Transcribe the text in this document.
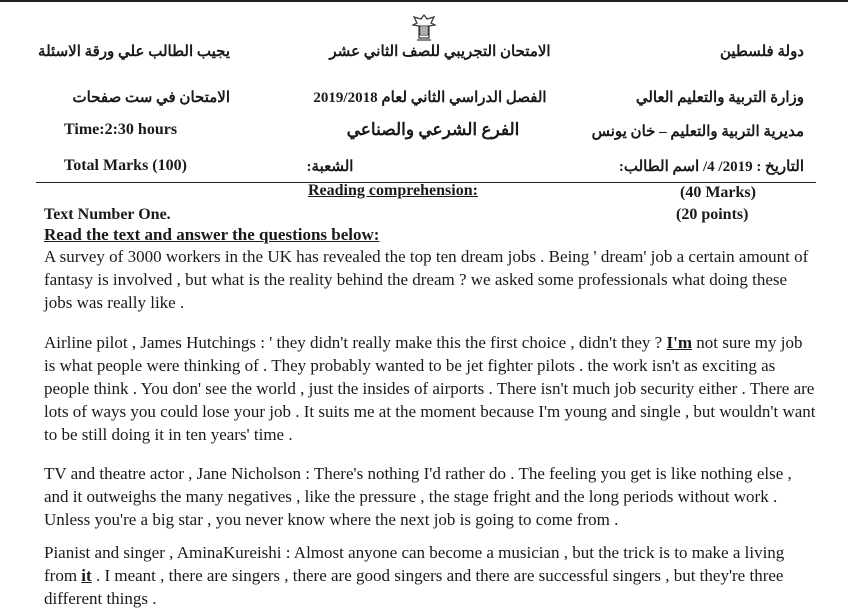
دولة فلسطين
وزارة التربية والتعليم العالي
مديرية التربية والتعليم – خان يونس
التاريخ : 2019/ 4/ اسم الطالب:
الامتحان التجريبي للصف الثاني عشر
الفصل الدراسي الثاني لعام 2019/2018
الفرع الشرعي والصناعي
الشعبة:
يجيب الطالب علي ورقة الاسئلة
الامتحان في ست صفحات
Time:2:30 hours
Total Marks (100)
Reading comprehension:	(40 Marks)
Text Number One.	(20 points)
Read the text and answer the questions below:
A survey of 3000 workers in the UK has revealed the top ten dream jobs . Being ' dream' job a certain amount of fantasy is involved , but what is the reality behind the dream ? we asked some professionals what doing these jobs was really like .
Airline pilot , James Hutchings : ' they didn't really make this the first choice , didn't they ? I'm not sure my job is what people were thinking of . They probably wanted to be jet fighter pilots . the work isn't as exciting as people think . You don' see the world , just the insides of airports . There isn't much job security either . There are lots of ways you could lose your job . It suits me at the moment because I'm young and single , but wouldn't want to be still doing it in ten years' time .
TV and theatre actor , Jane Nicholson : There's nothing I'd rather do . The feeling you get is like nothing else , and it outweighs the many negatives , like the pressure , the stage fright and the long periods without work . Unless you're a big star , you never know where the next job is going to come from .
Pianist and singer , AminaKureishi : Almost anyone can become a musician , but the trick is to make a living from it . I meant , there are singers , there are good singers and there are successful singers , but they're three different things .
